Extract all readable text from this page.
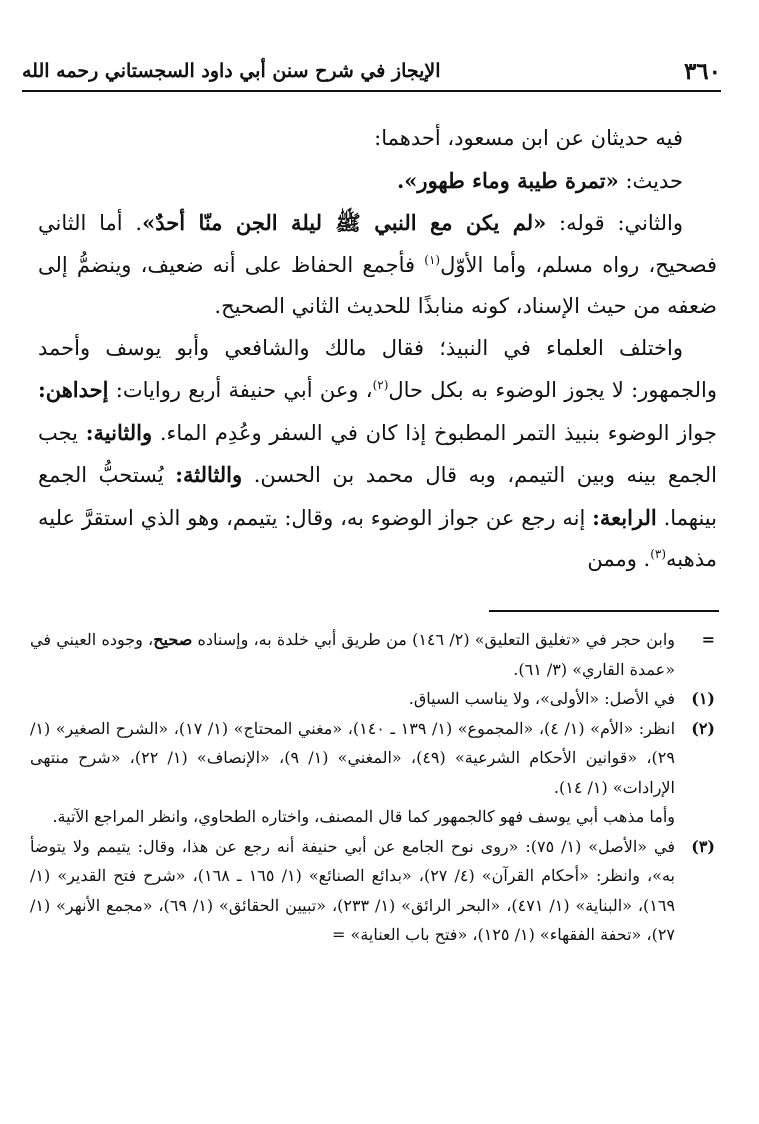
٣٦٠
الإيجاز في شرح سنن أبي داود السجستاني رحمه الله

فيه حديثان عن ابن مسعود، أحدهما:

حديث: «تمرة طيبة وماء طهور».

والثاني: قوله: «لم يكن مع النبي ﷺ ليلة الجن منّا أحدٌ». أما الثاني فصحيح، رواه مسلم، وأما الأوّل$^{(١)}$ فأجمع الحفاظ على أنه ضعيف، وينضمُّ إلى ضعفه من حيث الإسناد، كونه منابذًا للحديث الثاني الصحيح.

واختلف العلماء في النبيذ؛ فقال مالك والشافعي وأبو يوسف وأحمد والجمهور: لا يجوز الوضوء به بكل حال$^{(٢)}$، وعن أبي حنيفة أربع روايات: إحداهن: جواز الوضوء بنبيذ التمر المطبوخ إذا كان في السفر وعُدِم الماء. والثانية: يجب الجمع بينه وبين التيمم، وبه قال محمد بن الحسن. والثالثة: يُستحبُّ الجمع بينهما. الرابعة: إنه رجع عن جواز الوضوء به، وقال: يتيمم، وهو الذي استقرَّ عليه مذهبه$^{(٣)}$. وممن

=

وابن حجر في «تغليق التعليق» (٢/ ١٤٦) من طريق أبي خلدة به، وإسناده صحيح، وجوده العيني في «عمدة القاري» (٣/ ٦١).

(١)

في الأصل: «الأولى»، ولا يناسب السياق.

(٢)

انظر: «الأم» (١/ ٤)، «المجموع» (١/ ١٣٩ ـ ١٤٠)، «مغني المحتاج» (١/ ١٧)، «الشرح الصغير» (١/ ٢٩)، «قوانين الأحكام الشرعية» (٤٩)، «المغني» (١/ ٩)، «الإنصاف» (١/ ٢٢)، «شرح منتهى الإرادات» (١/ ١٤).

وأما مذهب أبي يوسف فهو كالجمهور كما قال المصنف، واختاره الطحاوي، وانظر المراجع الآتية.

(٣)

في «الأصل» (١/ ٧٥): «روى نوح الجامع عن أبي حنيفة أنه رجع عن هذا، وقال: يتيمم ولا يتوضأ به»، وانظر: «أحكام القرآن» (٤/ ٢٧)، «بدائع الصنائع» (١/ ١٦٥ ـ ١٦٨)، «شرح فتح القدير» (١/ ١٦٩)، «البناية» (١/ ٤٧١)، «البحر الرائق» (١/ ٢٣٣)، «تبيين الحقائق» (١/ ٦٩)، «مجمع الأنهر» (١/ ٢٧)، «تحفة الفقهاء» (١/ ١٢٥)، «فتح باب العناية» =
